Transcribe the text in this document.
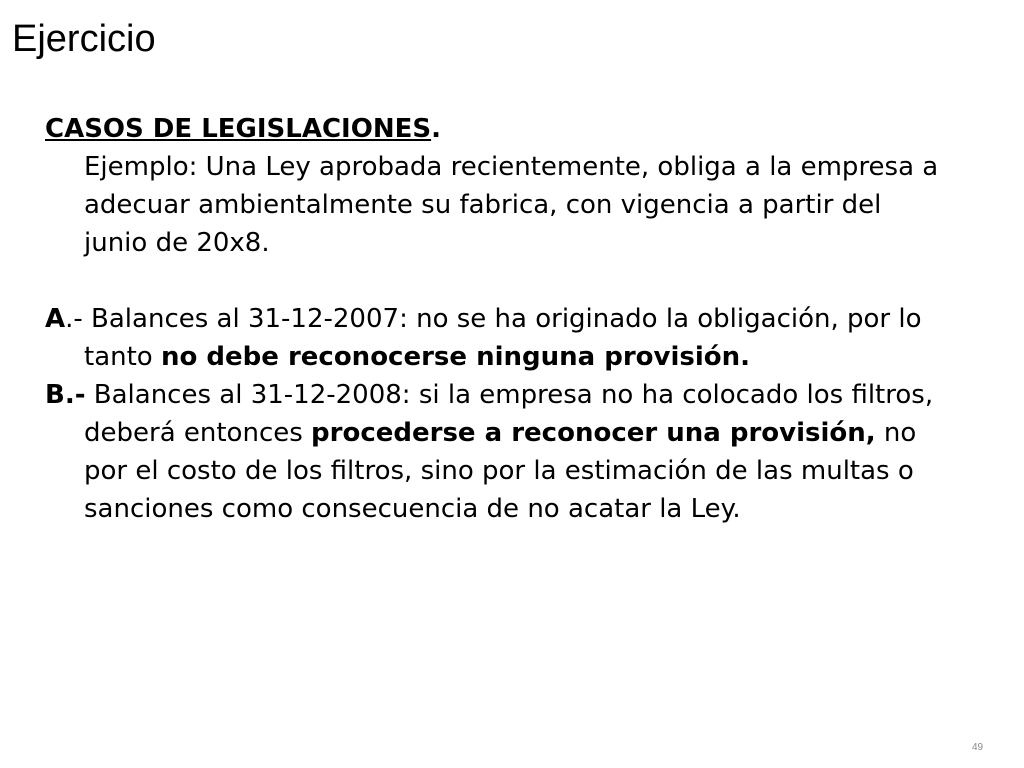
Ejercicio

CASOS DE LEGISLACIONES.

Ejemplo: Una Ley aprobada recientemente, obliga a la empresa a adecuar ambientalmente su fabrica, con vigencia a partir del junio de 20x8.

A.- Balances al 31-12-2007: no se ha originado la obligación, por lo tanto no debe reconocerse ninguna provisión.

B.- Balances al 31-12-2008: si la empresa no ha colocado los filtros, deberá entonces procederse a reconocer una provisión, no por el costo de los filtros, sino por la estimación de las multas o sanciones como consecuencia de no acatar la Ley.

49
